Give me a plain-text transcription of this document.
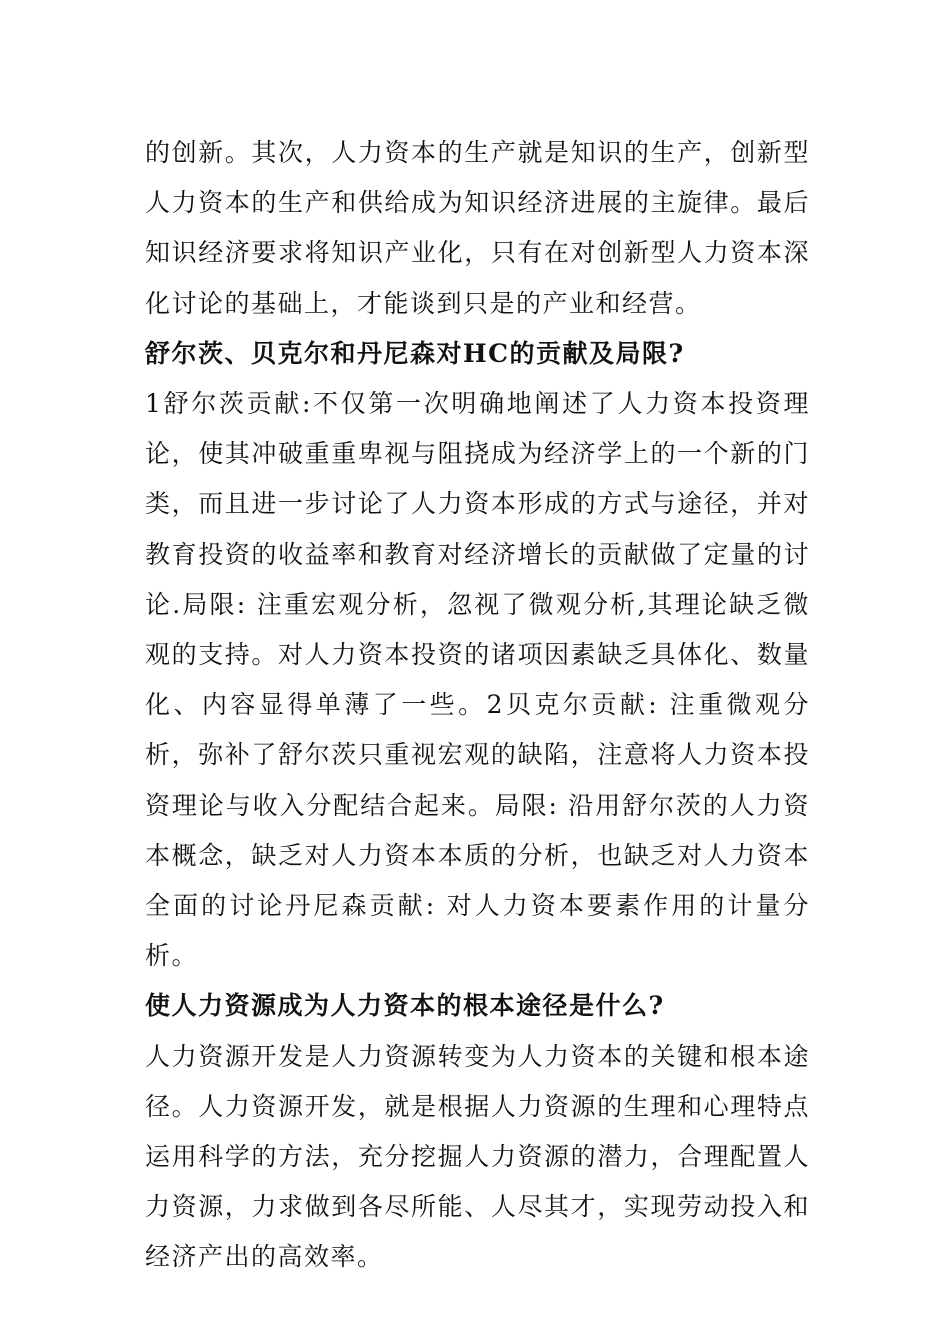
的创新。其次，人力资本的生产就是知识的生产，创新型人力资本的生产和供给成为知识经济进展的主旋律。最后知识经济要求将知识产业化，只有在对创新型人力资本深化讨论的基础上，才能谈到只是的产业和经营。

舒尔茨、贝克尔和丹尼森对HC的贡献及局限?

1舒尔茨贡献:不仅第一次明确地阐述了人力资本投资理论，使其冲破重重卑视与阻挠成为经济学上的一个新的门类，而且进一步讨论了人力资本形成的方式与途径，并对教育投资的收益率和教育对经济增长的贡献做了定量的讨论.局限: 注重宏观分析，忽视了微观分析,其理论缺乏微观的支持。对人力资本投资的诸项因素缺乏具体化、数量化、内容显得单薄了一些。2贝克尔贡献: 注重微观分析，弥补了舒尔茨只重视宏观的缺陷，注意将人力资本投资理论与收入分配结合起来。局限: 沿用舒尔茨的人力资本概念，缺乏对人力资本本质的分析，也缺乏对人力资本全面的讨论丹尼森贡献: 对人力资本要素作用的计量分析。

使人力资源成为人力资本的根本途径是什么?

人力资源开发是人力资源转变为人力资本的关键和根本途径。人力资源开发，就是根据人力资源的生理和心理特点运用科学的方法，充分挖掘人力资源的潜力，合理配置人力资源，力求做到各尽所能、人尽其才，实现劳动投入和经济产出的高效率。
